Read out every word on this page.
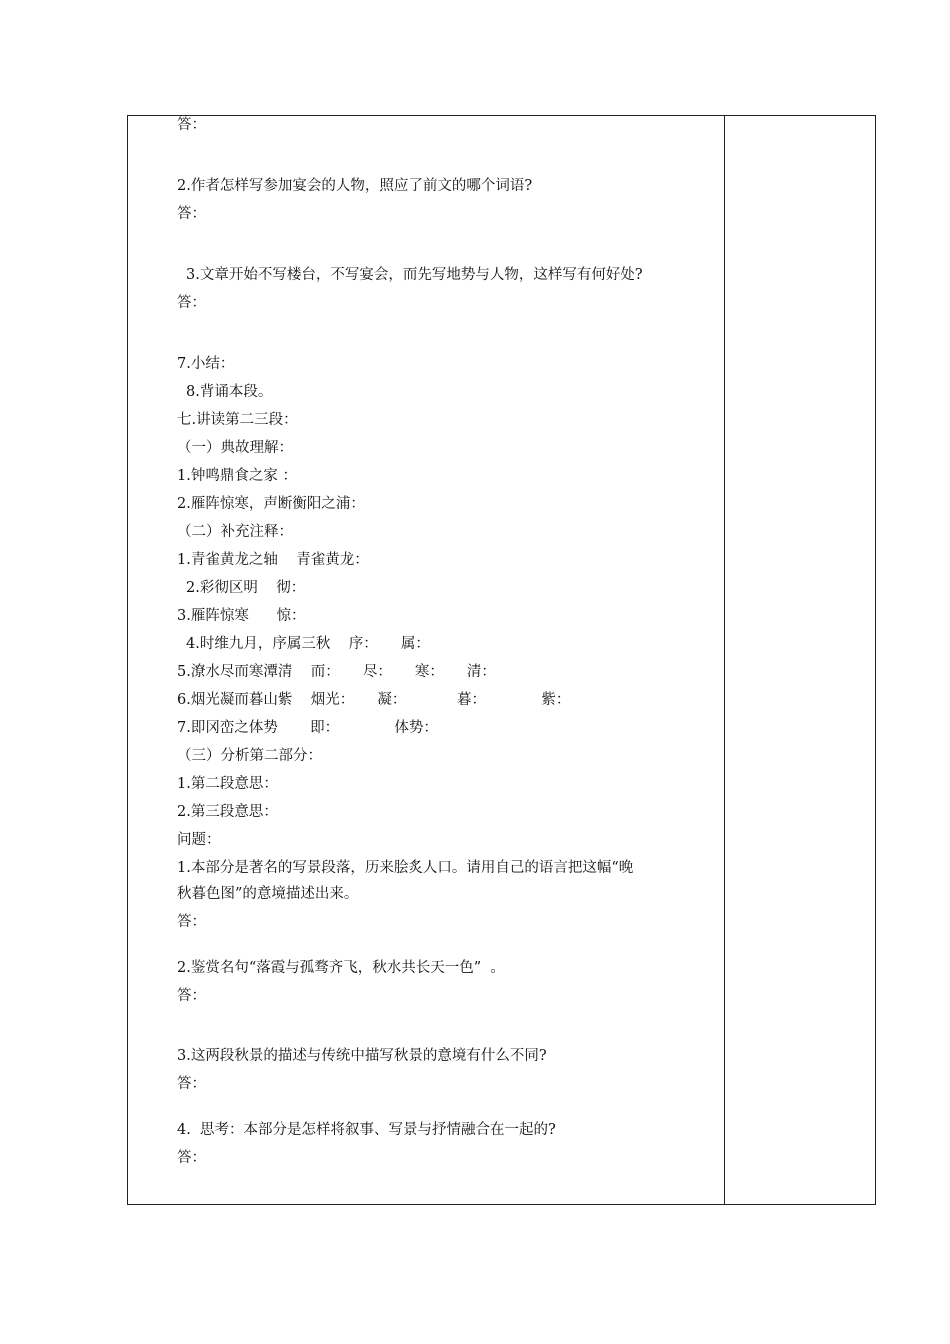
答：
2.作者怎样写参加宴会的人物，照应了前文的哪个词语?
答：
3.文章开始不写楼台，不写宴会，而先写地势与人物，这样写有何好处?
答：
7.小结：
8.背诵本段。
七.讲读第二三段：
（一）典故理解：
1.钟鸣鼎食之家 ：
2.雁阵惊寒，声断衡阳之浦：
（二）补充注释：
1.青雀黄龙之轴    青雀黄龙：
2.彩彻区明    彻：
3.雁阵惊寒      惊：
4.时维九月，序属三秋    序：     属：
5.潦水尽而寒潭清    而：     尽：     寒：     清：
6.烟光凝而暮山紫    烟光：     凝：           暮：            紫：
7.即冈峦之体势       即：            体势：
（三）分析第二部分：
1.第二段意思：
2.第三段意思：
问题：
1.本部分是著名的写景段落，历来脍炙人口。请用自己的语言把这幅“晚
秋暮色图”的意境描述出来。
答：
2.鉴赏名句“落霞与孤骛齐飞，秋水共长天一色”  。
答：
3.这两段秋景的描述与传统中描写秋景的意境有什么不同?
答：
4.  思考：本部分是怎样将叙事、写景与抒情融合在一起的?
答：
